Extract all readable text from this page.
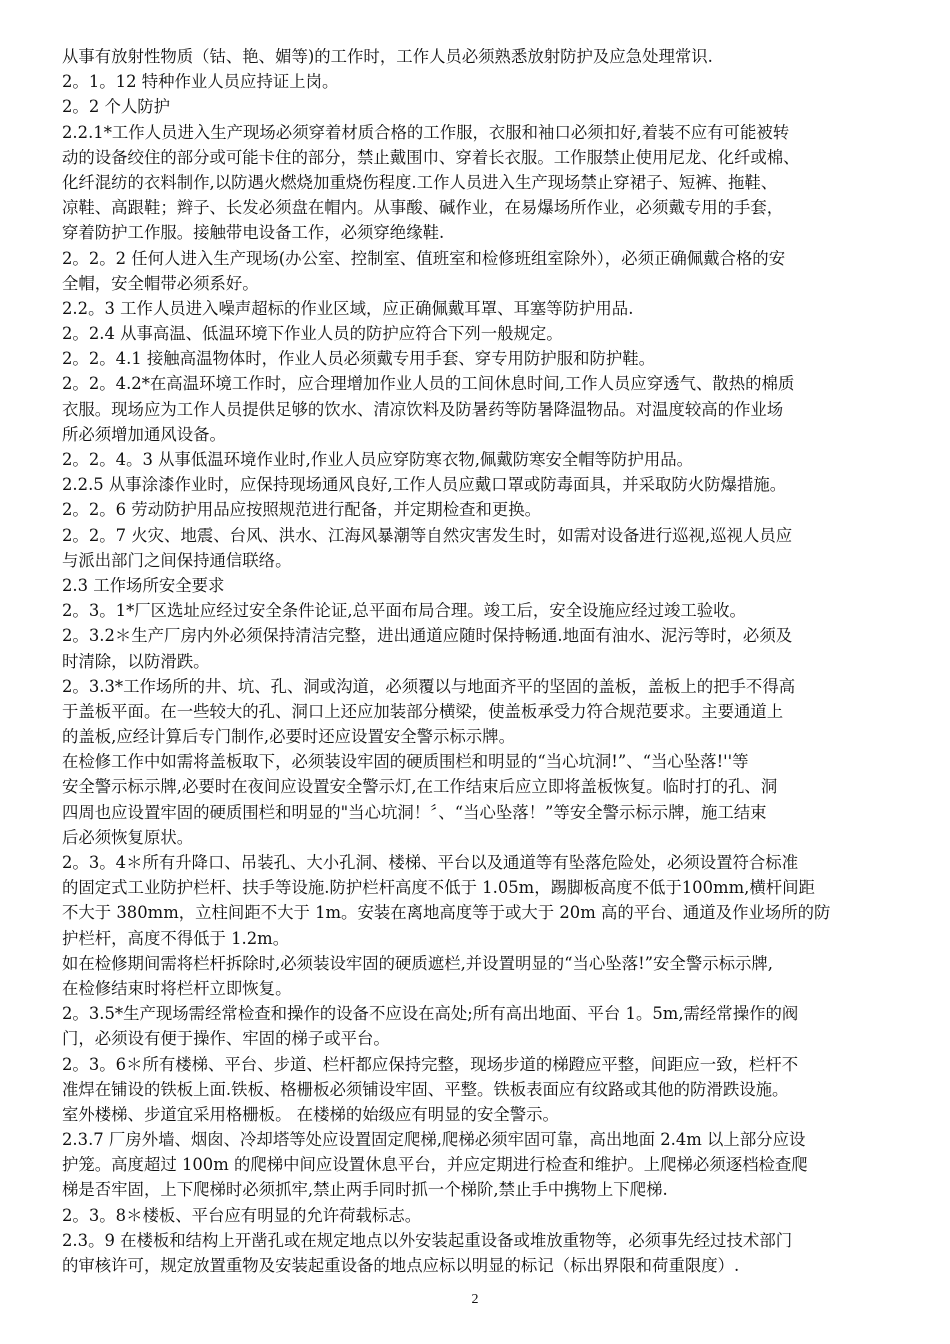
从事有放射性物质（钴、艳、媚等)的工作时，工作人员必须熟悉放射防护及应急处理常识.
2。1。12 特种作业人员应持证上岗。
2。2 个人防护
2.2.1*工作人员进入生产现场必须穿着材质合格的工作服，衣服和袖口必须扣好,着装不应有可能被转
动的设备绞住的部分或可能卡住的部分，禁止戴围巾、穿着长衣服。工作服禁止使用尼龙、化纤或棉、
化纤混纺的衣料制作,以防遇火燃烧加重烧伤程度.工作人员进入生产现场禁止穿裙子、短裤、拖鞋、
凉鞋、高跟鞋；辫子、长发必须盘在帽内。从事酸、碱作业，在易爆场所作业，必须戴专用的手套，
穿着防护工作服。接触带电设备工作，必须穿绝缘鞋.
2。2。2 任何人进入生产现场(办公室、控制室、值班室和检修班组室除外），必须正确佩戴合格的安
全帽，安全帽带必须系好。
2.2。3 工作人员进入噪声超标的作业区域，应正确佩戴耳罩、耳塞等防护用品.
2。2.4 从事高温、低温环境下作业人员的防护应符合下列一般规定。
2。2。4.1 接触高温物体时，作业人员必须戴专用手套、穿专用防护服和防护鞋。
2。2。4.2*在高温环境工作时，应合理增加作业人员的工间休息时间,工作人员应穿透气、散热的棉质
衣服。现场应为工作人员提供足够的饮水、清凉饮料及防暑药等防暑降温物品。对温度较高的作业场
所必须增加通风设备。
2。2。4。3 从事低温环境作业时,作业人员应穿防寒衣物,佩戴防寒安全帽等防护用品。
2.2.5 从事涂漆作业时，应保持现场通风良好,工作人员应戴口罩或防毒面具，并采取防火防爆措施。
2。2。6 劳动防护用品应按照规范进行配备，并定期检查和更换。
2。2。7 火灾、地震、台风、洪水、江海风暴潮等自然灾害发生时，如需对设备进行巡视,巡视人员应
与派出部门之间保持通信联络。
2.3 工作场所安全要求
2。3。1*厂区选址应经过安全条件论证,总平面布局合理。竣工后，安全设施应经过竣工验收。
2。3.2＊生产厂房内外必须保持清洁完整，进出通道应随时保持畅通.地面有油水、泥污等时，必须及
时清除，以防滑跌。
2。3.3*工作场所的井、坑、孔、洞或沟道，必须覆以与地面齐平的坚固的盖板，盖板上的把手不得高
于盖板平面。在一些较大的孔、洞口上还应加装部分横梁，使盖板承受力符合规范要求。主要通道上
的盖板,应经计算后专门制作,必要时还应设置安全警示标示牌。
在检修工作中如需将盖板取下，必须装设牢固的硬质围栏和明显的“当心坑洞!”、“当心坠落!''等
安全警示标示牌,必要时在夜间应设置安全警示灯,在工作结束后应立即将盖板恢复。临时打的孔、洞
四周也应设置牢固的硬质围栏和明显的"当心坑洞！〞、“当心坠落！”等安全警示标示牌，施工结束
后必须恢复原状。
2。3。4＊所有升降口、吊装孔、大小孔洞、楼梯、平台以及通道等有坠落危险处，必须设置符合标准
的固定式工业防护栏杆、扶手等设施.防护栏杆高度不低于 1.05m，踢脚板高度不低于100mm,横杆间距
不大于 380mm，立柱间距不大于 1m。安装在离地高度等于或大于 20m 高的平台、通道及作业场所的防
护栏杆，高度不得低于 1.2m。
如在检修期间需将栏杆拆除时,必须装设牢固的硬质遮栏,并设置明显的“当心坠落!”安全警示标示牌,
在检修结束时将栏杆立即恢复。
2。3.5*生产现场需经常检查和操作的设备不应设在高处;所有高出地面、平台 1。5m,需经常操作的阀
门，必须设有便于操作、牢固的梯子或平台。
2。3。6＊所有楼梯、平台、步道、栏杆都应保持完整，现场步道的梯蹬应平整，间距应一致，栏杆不
准焊在铺设的铁板上面.铁板、格栅板必须铺设牢固、平整。铁板表面应有纹路或其他的防滑跌设施。
室外楼梯、步道宜采用格栅板。 在楼梯的始级应有明显的安全警示。
2.3.7 厂房外墙、烟囱、冷却塔等处应设置固定爬梯,爬梯必须牢固可靠，高出地面 2.4m 以上部分应设
护笼。高度超过 100m 的爬梯中间应设置休息平台，并应定期进行检查和维护。上爬梯必须逐档检查爬
梯是否牢固，上下爬梯时必须抓牢,禁止两手同时抓一个梯阶,禁止手中携物上下爬梯.
2。3。8＊楼板、平台应有明显的允许荷载标志。
2.3。9 在楼板和结构上开凿孔或在规定地点以外安装起重设备或堆放重物等，必须事先经过技术部门
的审核许可，规定放置重物及安装起重设备的地点应标以明显的标记（标出界限和荷重限度）.
2
